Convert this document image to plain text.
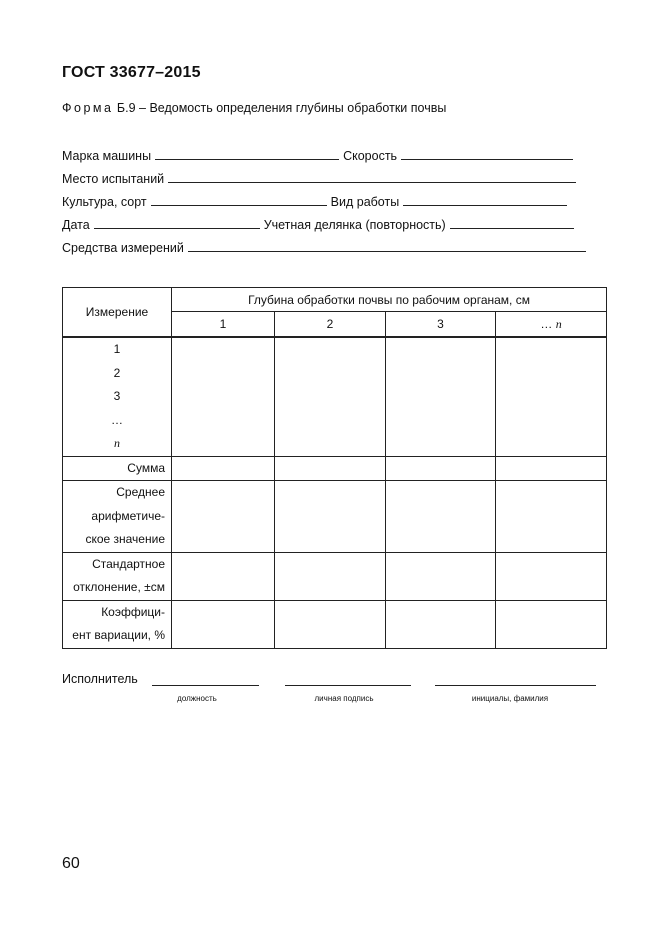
ГОСТ 33677–2015
Форма Б.9 – Ведомость определения глубины обработки почвы
Марка машины	Скорость
Место испытаний
Культура, сорт	Вид работы
Дата	Учетная делянка (повторность)
Средства измерений
Измерение	Глубина обработки почвы по рабочим органам, см			
	1	2	3	… n

1
2
3
…
n				

Сумма				

Среднее
арифметиче-
ское значение				

Стандартное
отклонение, ±см				

Коэффици-
ент вариации, %				

Исполнитель
должность	личная подпись	инициалы, фамилия
60
